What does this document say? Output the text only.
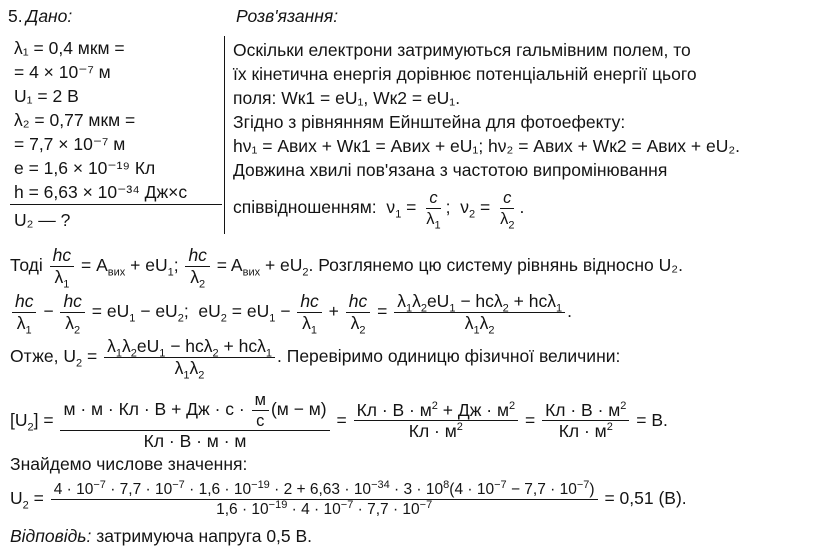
5. Дано:	Розв'язання:
λ₁ = 0,4 мкм =
= 4 × 10⁻⁷ м
U₁ = 2 В
λ₂ = 0,77 мкм =
= 7,7 × 10⁻⁷ м
e = 1,6 × 10⁻¹⁹ Кл
h = 6,63 × 10⁻³⁴ Дж×с
U₂ — ?
Оскільки електрони затримуються гальмівним полем, то
їх кінетична енергія дорівнює потенціальній енергії цього
поля: Wк1 = eU₁, Wк2 = eU₁.
Згідно з рівнянням Ейнштейна для фотоефекту:
hν₁ = Aвих + Wк1 = Aвих + eU₁; hν₂ = Aвих + Wк2 = Aвих + eU₂.
Довжина хвилі пов'язана з частотою випромінювання
співвідношенням:  $\nu_1 = \frac{c}{\lambda_1}$ ;  $\nu_2 = \frac{c}{\lambda_2}$ .
Тоді $\frac{hc}{\lambda_1} = A_{вих} + eU_1$; $\frac{hc}{\lambda_2} = A_{вих} + eU_2$. Розглянемо цю систему рівнянь відносно U₂.
$\frac{hc}{\lambda_1} - \frac{hc}{\lambda_2} = eU_1 - eU_2$;  $eU_2 = eU_1 - \frac{hc}{\lambda_1} + \frac{hc}{\lambda_2} = \frac{\lambda_1\lambda_2eU_1 - hc\lambda_2 + hc\lambda_1}{\lambda_1\lambda_2}$ .
Отже, $U_2 = \frac{\lambda_1\lambda_2eU_1 - hc\lambda_2 + hc\lambda_1}{\lambda_1\lambda_2}$ . Перевіримо одиницю фізичної величини:
$[U_2] = \frac{м \cdot м \cdot Кл \cdot В + Дж \cdot с \cdot \frac{м}{с} (м - м)}{Кл \cdot В \cdot м \cdot м} = \frac{Кл \cdot В \cdot м^2 + Дж \cdot м^2}{Кл \cdot м^2} = \frac{Кл \cdot В \cdot м^2}{Кл \cdot м^2} = В$.
Знайдемо числове значення:
$U_2 = 4 \cdot 10^{-7} \cdot 7,7 \cdot 10^{-7} \cdot 1,6 \cdot 10^{-19} \cdot 2 + 6,63 \cdot 10^{-34} \cdot 3 \cdot 10^8(4 \cdot 10^{-7} - 7,7 \cdot 10^{-7})$
$1,6 \cdot 10^{-19} \cdot 4 \cdot 10^{-7} \cdot 7,7 \cdot 10^{-7}$	= 0,51 (В).
Відповідь: затримуюча напруга 0,5 В.
